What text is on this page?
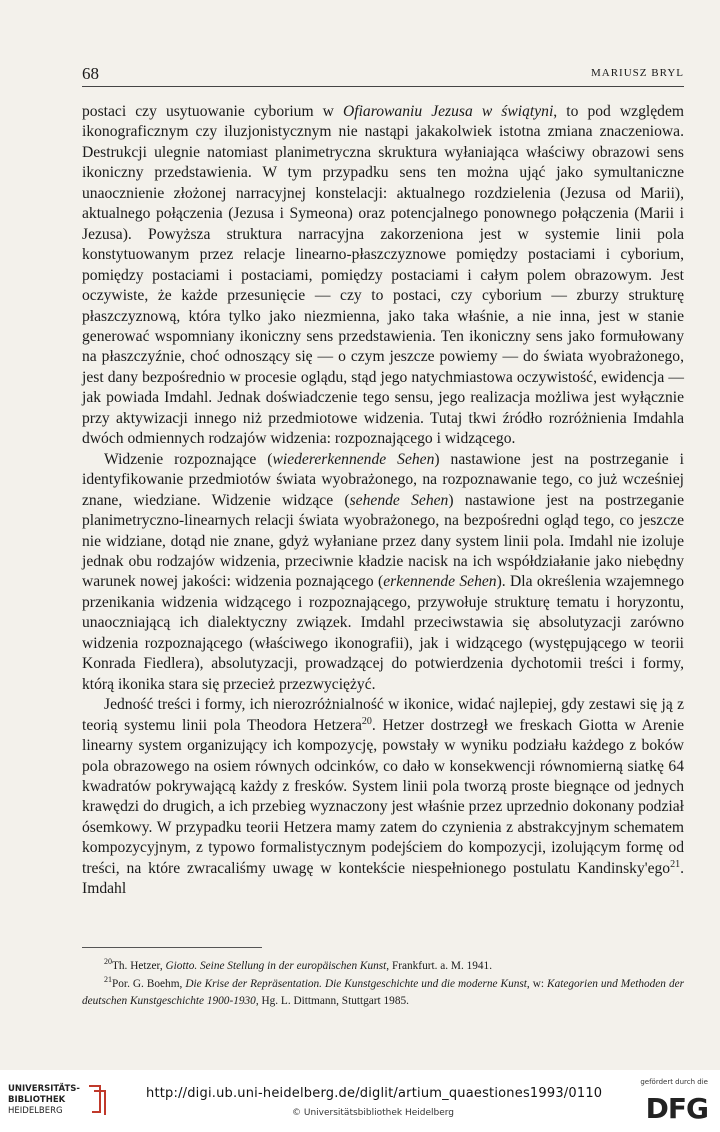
68	MARIUSZ BRYL

postaci czy usytuowanie cyborium w Ofiarowaniu Jezusa w świątyni, to pod względem ikonograficznym czy iluzjonistycznym nie nastąpi jakakolwiek istotna zmiana znaczeniowa. Destrukcji ulegnie natomiast planimetryczna skruktura wyłaniająca właściwy obrazowi sens ikoniczny przedstawienia. W tym przypadku sens ten można ująć jako symultaniczne unaocznienie złożonej narracyjnej konstelacji: aktualnego rozdzielenia (Jezusa od Marii), aktualnego połączenia (Jezusa i Symeona) oraz potencjalnego ponownego połączenia (Marii i Jezusa). Powyższa struktura narracyjna zakorzeniona jest w systemie linii pola konstytuowanym przez relacje linearno-płaszczyznowe pomiędzy postaciami i cyborium, pomiędzy postaciami i postaciami, pomiędzy postaciami i całym polem obrazowym. Jest oczywiste, że każde przesunięcie — czy to postaci, czy cyborium — zburzy strukturę płaszczyznową, która tylko jako niezmienna, jako taka właśnie, a nie inna, jest w stanie generować wspomniany ikoniczny sens przedstawienia. Ten ikoniczny sens jako formułowany na płaszczyźnie, choć odnoszący się — o czym jeszcze powiemy — do świata wyobrażonego, jest dany bezpośrednio w procesie oglądu, stąd jego natychmiastowa oczywistość, ewidencja — jak powiada Imdahl. Jednak doświadczenie tego sensu, jego realizacja możliwa jest wyłącznie przy aktywizacji innego niż przedmiotowe widzenia. Tutaj tkwi źródło rozróżnienia Imdahla dwóch odmiennych rodzajów widzenia: rozpoznającego i widzącego.

Widzenie rozpoznające (wiedererkennende Sehen) nastawione jest na postrzeganie i identyfikowanie przedmiotów świata wyobrażonego, na rozpoznawanie tego, co już wcześniej znane, wiedziane. Widzenie widzące (sehende Sehen) nastawione jest na postrzeganie planimetryczno-linearnych relacji świata wyobrażonego, na bezpośredni ogląd tego, co jeszcze nie widziane, dotąd nie znane, gdyż wyłaniane przez dany system linii pola. Imdahl nie izoluje jednak obu rodzajów widzenia, przeciwnie kładzie nacisk na ich współdziałanie jako niebędny warunek nowej jakości: widzenia poznającego (erkennende Sehen). Dla określenia wzajemnego przenikania widzenia widzącego i rozpoznającego, przywołuje strukturę tematu i horyzontu, unaoczniającą ich dialektyczny związek. Imdahl przeciwstawia się absolutyzacji zarówno widzenia rozpoznającego (właściwego ikonografii), jak i widzącego (występującego w teorii Konrada Fiedlera), absolutyzacji, prowadzącej do potwierdzenia dychotomii treści i formy, którą ikonika stara się przecież przezwyciężyć.

Jedność treści i formy, ich nierozróżnialność w ikonice, widać najlepiej, gdy zestawi się ją z teorią systemu linii pola Theodora Hetzera$^{20}$. Hetzer dostrzegł we freskach Giotta w Arenie linearny system organizujący ich kompozycję, powstały w wyniku podziału każdego z boków pola obrazowego na osiem równych odcinków, co dało w konsekwencji równomierną siatkę 64 kwadratów pokrywającą każdy z fresków. System linii pola tworzą proste biegnące od jednych krawędzi do drugich, a ich przebieg wyznaczony jest właśnie przez uprzednio dokonany podział ósemkowy. W przypadku teorii Hetzera mamy zatem do czynienia z abstrakcyjnym schematem kompozycyjnym, z typowo formalistycznym podejściem do kompozycji, izolującym formę od treści, na które zwracaliśmy uwagę w kontekście niespełnionego postulatu Kandinsky'ego$^{21}$. Imdahl

$^{20}$Th. Hetzer, Giotto. Seine Stellung in der europäischen Kunst, Frankfurt. a. M. 1941.

$^{21}$Por. G. Boehm, Die Krise der Repräsentation. Die Kunstgeschichte und die moderne Kunst, w: Kategorien und Methoden der deutschen Kunstgeschichte 1900-1930, Hg. L. Dittmann, Stuttgart 1985.

UNIVERSITÄTS-
BIBLIOTHEK
HEIDELBERG
http://digi.ub.uni-heidelberg.de/diglit/artium_quaestiones1993/0110
© Universitätsbibliothek Heidelberg
gefördert durch die
DFG
